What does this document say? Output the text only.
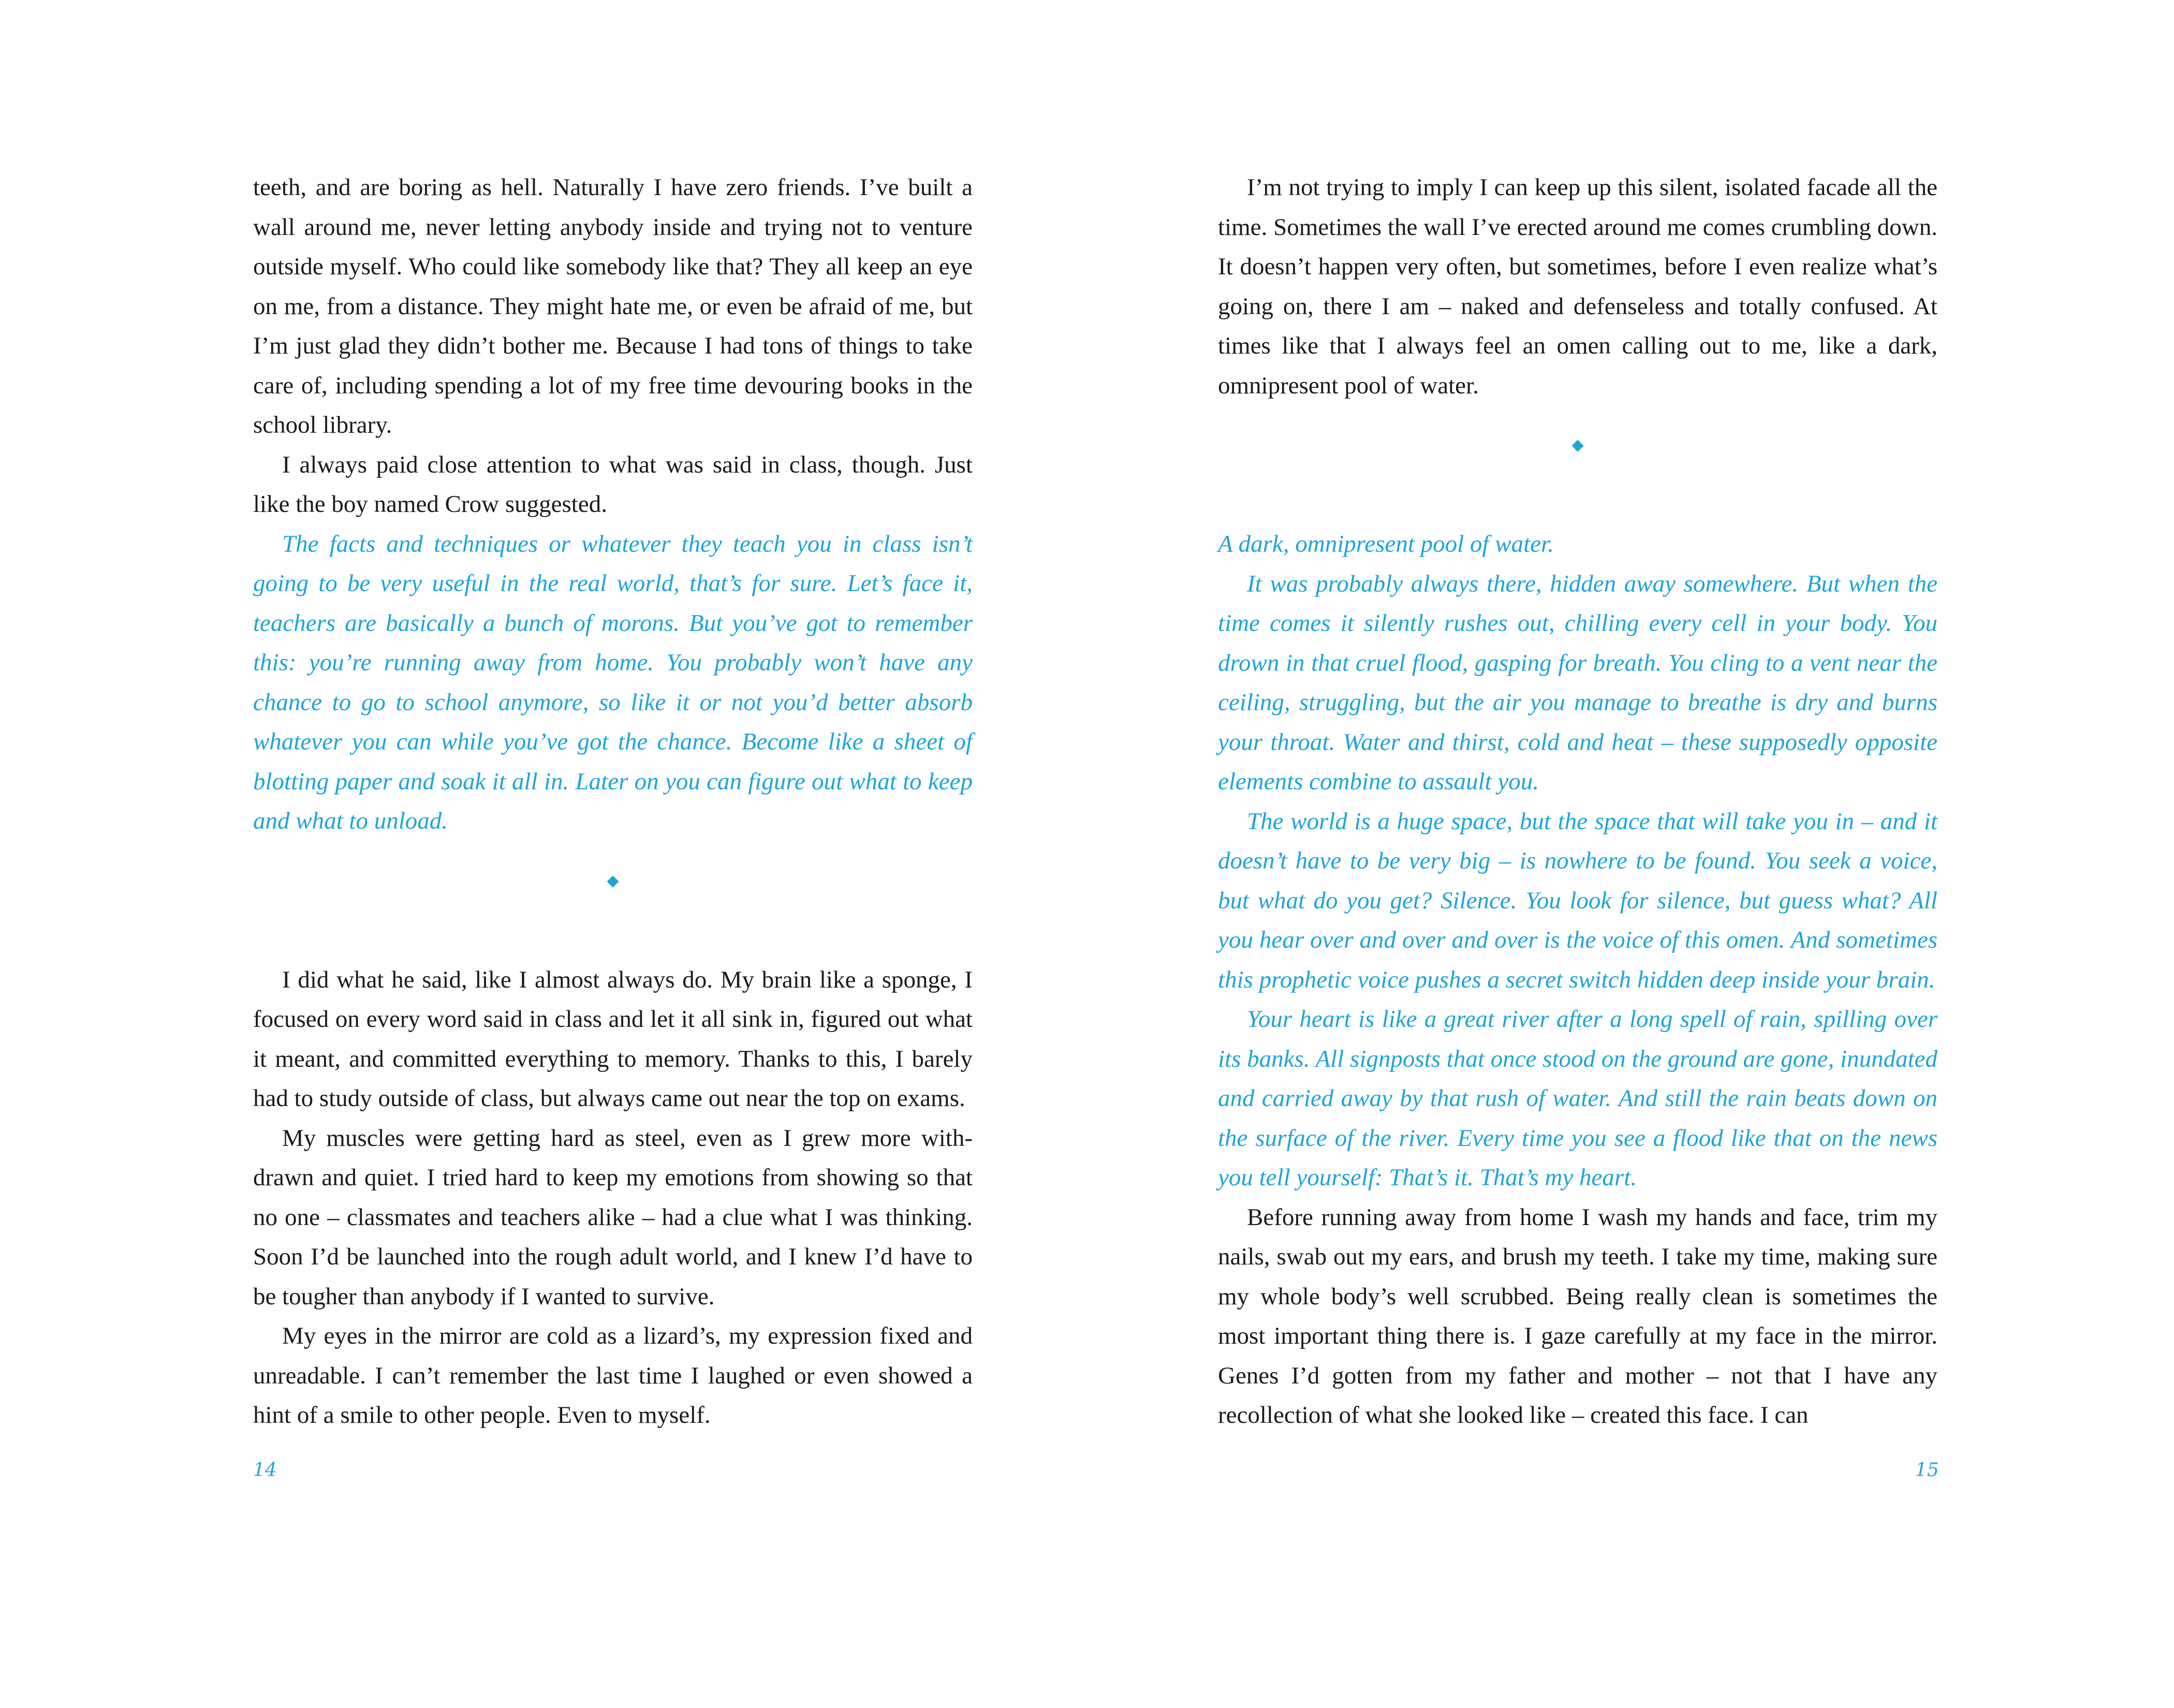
teeth, and are boring as hell. Naturally I have zero friends. I’ve built a wall around me, never letting anybody inside and trying not to venture outside myself. Who could like somebody like that? They all keep an eye on me, from a distance. They might hate me, or even be afraid of me, but I’m just glad they didn’t bother me. Because I had tons of things to take care of, including spending a lot of my free time devouring books in the school library.

I always paid close attention to what was said in class, though. Just like the boy named Crow suggested.

The facts and techniques or whatever they teach you in class isn’t going to be very useful in the real world, that’s for sure. Let’s face it, teachers are basically a bunch of morons. But you’ve got to remember this: you’re running away from home. You probably won’t have any chance to go to school anymore, so like it or not you’d better absorb whatever you can while you’ve got the chance. Become like a sheet of blotting paper and soak it all in. Later on you can figure out what to keep and what to unload.

◆

I did what he said, like I almost always do. My brain like a sponge, I focused on every word said in class and let it all sink in, figured out what it meant, and committed everything to memory. Thanks to this, I barely had to study outside of class, but always came out near the top on exams.

My muscles were getting hard as steel, even as I grew more withdrawn and quiet. I tried hard to keep my emotions from showing so that no one – classmates and teachers alike – had a clue what I was thinking. Soon I’d be launched into the rough adult world, and I knew I’d have to be tougher than anybody if I wanted to survive.

My eyes in the mirror are cold as a lizard’s, my expression fixed and unreadable. I can’t remember the last time I laughed or even showed a hint of a smile to other people. Even to myself.

I’m not trying to imply I can keep up this silent, isolated facade all the time. Sometimes the wall I’ve erected around me comes crumbling down. It doesn’t happen very often, but sometimes, before I even realize what’s going on, there I am – naked and defenseless and totally confused. At times like that I always feel an omen calling out to me, like a dark, omnipresent pool of water.

◆

A dark, omnipresent pool of water.

It was probably always there, hidden away somewhere. But when the time comes it silently rushes out, chilling every cell in your body. You drown in that cruel flood, gasping for breath. You cling to a vent near the ceiling, struggling, but the air you manage to breathe is dry and burns your throat. Water and thirst, cold and heat – these supposedly opposite elements combine to assault you.

The world is a huge space, but the space that will take you in – and it doesn’t have to be very big – is nowhere to be found. You seek a voice, but what do you get? Silence. You look for silence, but guess what? All you hear over and over and over is the voice of this omen. And sometimes this prophetic voice pushes a secret switch hidden deep inside your brain.

Your heart is like a great river after a long spell of rain, spilling over its banks. All signposts that once stood on the ground are gone, inundated and carried away by that rush of water. And still the rain beats down on the surface of the river. Every time you see a flood like that on the news you tell yourself: That’s it. That’s my heart.

Before running away from home I wash my hands and face, trim my nails, swab out my ears, and brush my teeth. I take my time, making sure my whole body’s well scrubbed. Being really clean is sometimes the most important thing there is. I gaze carefully at my face in the mirror. Genes I’d gotten from my father and mother – not that I have any recollection of what she looked like – created this face. I can

14	15
